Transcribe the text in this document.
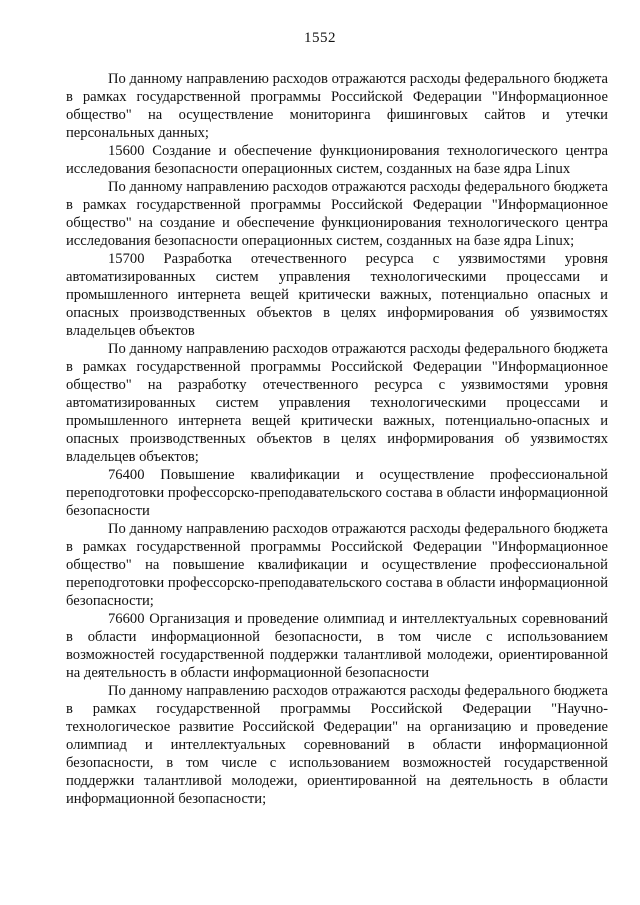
1552

По данному направлению расходов отражаются расходы федерального бюджета в рамках государственной программы Российской Федерации "Информационное общество" на осуществление мониторинга фишинговых сайтов и утечки персональных данных;

15600 Создание и обеспечение функционирования технологического центра исследования безопасности операционных систем, созданных на базе ядра Linux

По данному направлению расходов отражаются расходы федерального бюджета в рамках государственной программы Российской Федерации "Информационное общество" на создание и обеспечение функционирования технологического центра исследования безопасности операционных систем, созданных на базе ядра Linux;

15700 Разработка отечественного ресурса с уязвимостями уровня автоматизированных систем управления технологическими процессами и промышленного интернета вещей критически важных, потенциально опасных и опасных производственных объектов в целях информирования об уязвимостях владельцев объектов

По данному направлению расходов отражаются расходы федерального бюджета в рамках государственной программы Российской Федерации "Информационное общество" на разработку отечественного ресурса с уязвимостями уровня автоматизированных систем управления технологическими процессами и промышленного интернета вещей критически важных, потенциально-опасных и опасных производственных объектов в целях информирования об уязвимостях владельцев объектов;

76400 Повышение квалификации и осуществление профессиональной переподготовки профессорско-преподавательского состава в области информационной безопасности

По данному направлению расходов отражаются расходы федерального бюджета в рамках государственной программы Российской Федерации "Информационное общество" на повышение квалификации и осуществление профессиональной переподготовки профессорско-преподавательского состава в области информационной безопасности;

76600 Организация и проведение олимпиад и интеллектуальных соревнований в области информационной безопасности, в том числе с использованием возможностей государственной поддержки талантливой молодежи, ориентированной на деятельность в области информационной безопасности

По данному направлению расходов отражаются расходы федерального бюджета в рамках государственной программы Российской Федерации "Научно-технологическое развитие Российской Федерации" на организацию и проведение олимпиад и интеллектуальных соревнований в области информационной безопасности, в том числе с использованием возможностей государственной поддержки талантливой молодежи, ориентированной на деятельность в области информационной безопасности;
